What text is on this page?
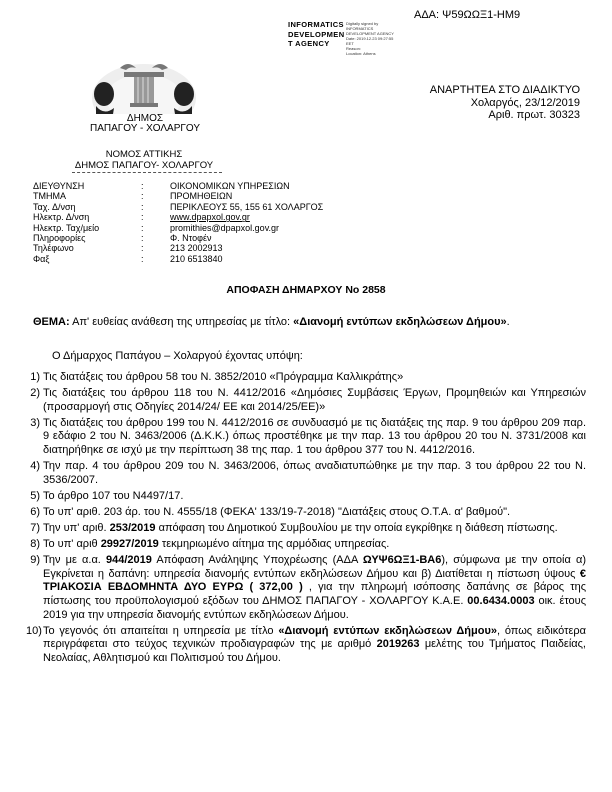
ΑΔΑ: Ψ59ΩΩΞ1-ΗΜ9
INFORMATICS
DEVELOPMEN
T AGENCY
Digitally signed by
INFORMATICS
DEVELOPMENT AGENCY
Date: 2019.12.23 09:27:55
EET
Reason:
Location: Athens
ΔΗΜΟΣ
ΠΑΠΑΓΟΥ - ΧΟΛΑΡΓΟΥ
ΑΝΑΡΤΗΤΕΑ ΣΤΟ ΔΙΑΔΙΚΤΥΟ
Χολαργός, 23/12/2019
Αριθ. πρωτ. 30323
ΝΟΜΟΣ ΑΤΤΙΚΗΣ
ΔΗΜΟΣ ΠΑΠΑΓΟΥ- ΧΟΛΑΡΓΟΥ
ΔΙΕΥΘΥΝΣΗ	:	ΟΙΚΟΝΟΜΙΚΩΝ ΥΠΗΡΕΣΙΩΝ
ΤΜΗΜΑ	:	ΠΡΟΜΗΘΕΙΩΝ
Ταχ. Δ/νση	:	ΠΕΡΙΚΛΕΟΥΣ 55, 155 61 ΧΟΛΑΡΓΟΣ
Ηλεκτρ. Δ/νση	:	www.dpapxol.gov.gr
Ηλεκτρ. Ταχ/μείο	:	promithies@dpapxol.gov.gr
Πληροφορίες	:	Φ. Ντοφέν
Τηλέφωνο	:	213 2002913
Φαξ	:	210 6513840
ΑΠΟΦΑΣΗ ΔΗΜΑΡΧΟΥ Νο 2858
ΘΕΜΑ: Απ' ευθείας ανάθεση της υπηρεσίας με τίτλο: «Διανομή εντύπων εκδηλώσεων Δήμου».
Ο Δήμαρχος Παπάγου – Χολαργού έχοντας υπόψη:
1) Τις διατάξεις του άρθρου 58 του Ν. 3852/2010 «Πρόγραμμα Καλλικράτης»
2) Τις διατάξεις του άρθρου 118 του Ν. 4412/2016 «Δημόσιες Συμβάσεις Έργων, Προμηθειών και Υπηρεσιών (προσαρμογή στις Οδηγίες 2014/24/ ΕΕ και 2014/25/ΕΕ)»
3) Τις διατάξεις του άρθρου 199 του Ν. 4412/2016 σε συνδυασμό με τις διατάξεις της παρ. 9 του άρθρου 209 παρ. 9 εδάφιο 2 του Ν. 3463/2006 (Δ.Κ.Κ.) όπως προστέθηκε με την παρ. 13 του άρθρου 20 του Ν. 3731/2008 και διατηρήθηκε σε ισχύ με την περίπτωση 38 της παρ. 1 του άρθρου 377 του Ν. 4412/2016.
4) Την παρ. 4 του άρθρου 209 του Ν. 3463/2006, όπως αναδιατυπώθηκε με την παρ. 3 του άρθρου 22 του Ν. 3536/2007.
5) Το άρθρο 107 του Ν4497/17.
6) Το υπ' αριθ. 203 άρ. του Ν. 4555/18 (ΦΕΚΑ' 133/19-7-2018) "Διατάξεις στους Ο.Τ.Α. α' βαθμού".
7) Την υπ' αριθ. 253/2019 απόφαση του Δημοτικού Συμβουλίου με την οποία εγκρίθηκε η διάθεση πίστωσης.
8) Το υπ' αριθ 29927/2019 τεκμηριωμένο αίτημα της αρμόδιας υπηρεσίας.
9) Την με α.α. 944/2019 Απόφαση Ανάληψης Υποχρέωσης (ΑΔΑ ΩΥΨ6ΩΞ1-ΒΑ6), σύμφωνα με την οποία α) Εγκρίνεται η δαπάνη: υπηρεσία διανομής εντύπων εκδηλώσεων Δήμου και β) Διατίθεται η πίστωση ύψους € ΤΡΙΑΚΟΣΙΑ ΕΒΔΟΜΗΝΤΑ ΔΥΟ ΕΥΡΩ ( 372,00 ) , για την πληρωμή ισόποσης δαπάνης σε βάρος της πίστωσης του προϋπολογισμού εξόδων του ΔΗΜΟΣ ΠΑΠΑΓΟΥ - ΧΟΛΑΡΓΟΥ Κ.Α.Ε. 00.6434.0003 οικ. έτους 2019 για την υπηρεσία διανομής εντύπων εκδηλώσεων Δήμου.
10) Το γεγονός ότι απαιτείται η υπηρεσία με τίτλο «Διανομή εντύπων εκδηλώσεων Δήμου», όπως ειδικότερα περιγράφεται στο τεύχος τεχνικών προδιαγραφών της με αριθμό 2019263 μελέτης του Τμήματος Παιδείας, Νεολαίας, Αθλητισμού και Πολιτισμού του Δήμου.
